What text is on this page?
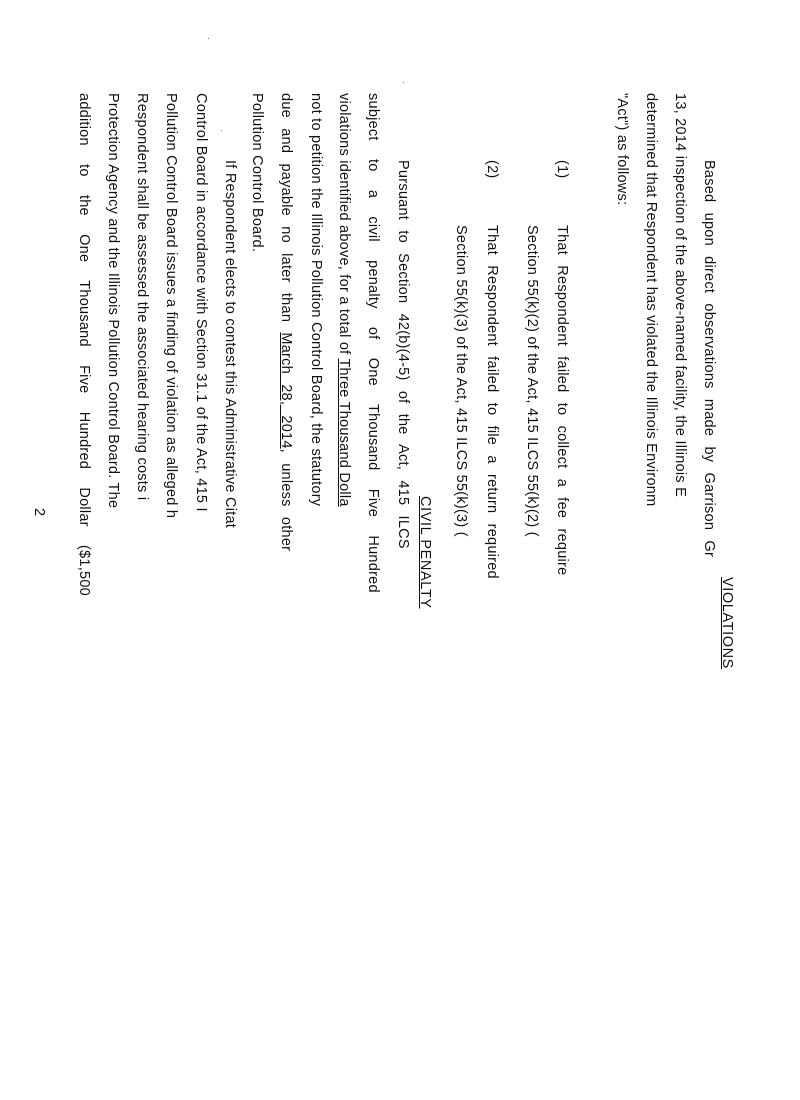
VIOLATIONS
Based upon direct observations made by Garrison Gr
13, 2014 inspection of the above-named facility, the Illinois E
determined that Respondent has violated the Illinois Environm
"Act") as follows:
(1)
That Respondent failed to collect a fee require
Section 55(k)(2) of the Act, 415 ILCS 55(k)(2) (
(2)
That Respondent failed to file a return required
Section 55(k)(3) of the Act, 415 ILCS 55(k)(3) (
CIVIL PENALTY
Pursuant to Section 42(b)(4-5) of the Act, 415 ILCS
subject to a civil penalty of One Thousand Five Hundred
violations identified above, for a total of Three Thousand Dolla
not to petition the Illinois Pollution Control Board, the statutory
due and payable no later than March 28, 2014, unless other
Pollution Control Board.
If Respondent elects to contest this Administrative Citat
Control Board in accordance with Section 31.1 of the Act, 415 I
Pollution Control Board issues a finding of violation as alleged h
Respondent shall be assessed the associated hearing costs i
Protection Agency and the Illinois Pollution Control Board. The
addition to the One Thousand Five Hundred Dollar ($1,500
2
